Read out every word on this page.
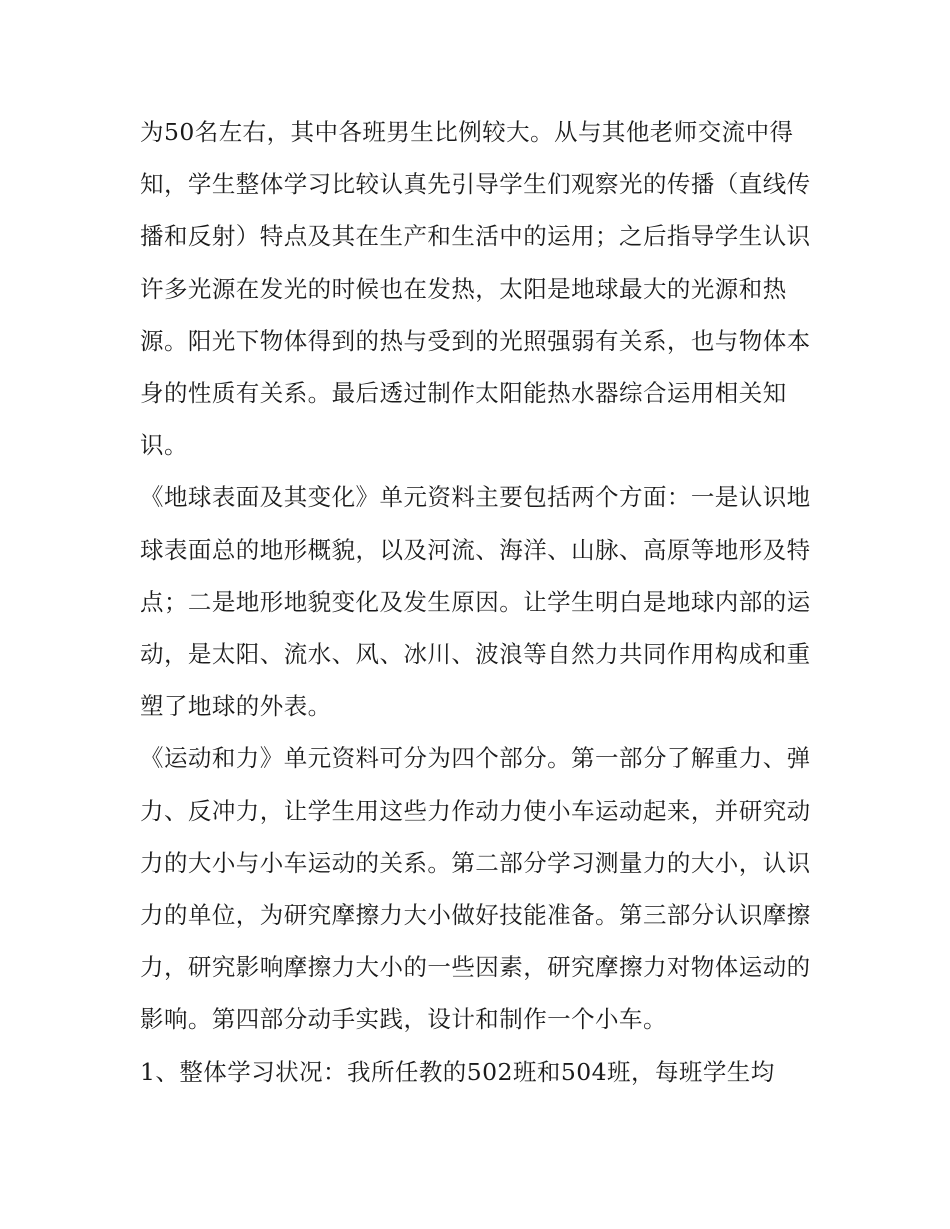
为50名左右，其中各班男生比例较大。从与其他老师交流中得知，学生整体学习比较认真先引导学生们观察光的传播（直线传播和反射）特点及其在生产和生活中的运用；之后指导学生认识许多光源在发光的时候也在发热，太阳是地球最大的光源和热源。阳光下物体得到的热与受到的光照强弱有关系，也与物体本身的性质有关系。最后透过制作太阳能热水器综合运用相关知识。

《地球表面及其变化》单元资料主要包括两个方面：一是认识地球表面总的地形概貌，以及河流、海洋、山脉、高原等地形及特点；二是地形地貌变化及发生原因。让学生明白是地球内部的运动，是太阳、流水、风、冰川、波浪等自然力共同作用构成和重塑了地球的外表。

《运动和力》单元资料可分为四个部分。第一部分了解重力、弹力、反冲力，让学生用这些力作动力使小车运动起来，并研究动力的大小与小车运动的关系。第二部分学习测量力的大小，认识力的单位，为研究摩擦力大小做好技能准备。第三部分认识摩擦力，研究影响摩擦力大小的一些因素，研究摩擦力对物体运动的影响。第四部分动手实践，设计和制作一个小车。

1、整体学习状况：我所任教的502班和504班，每班学生均
